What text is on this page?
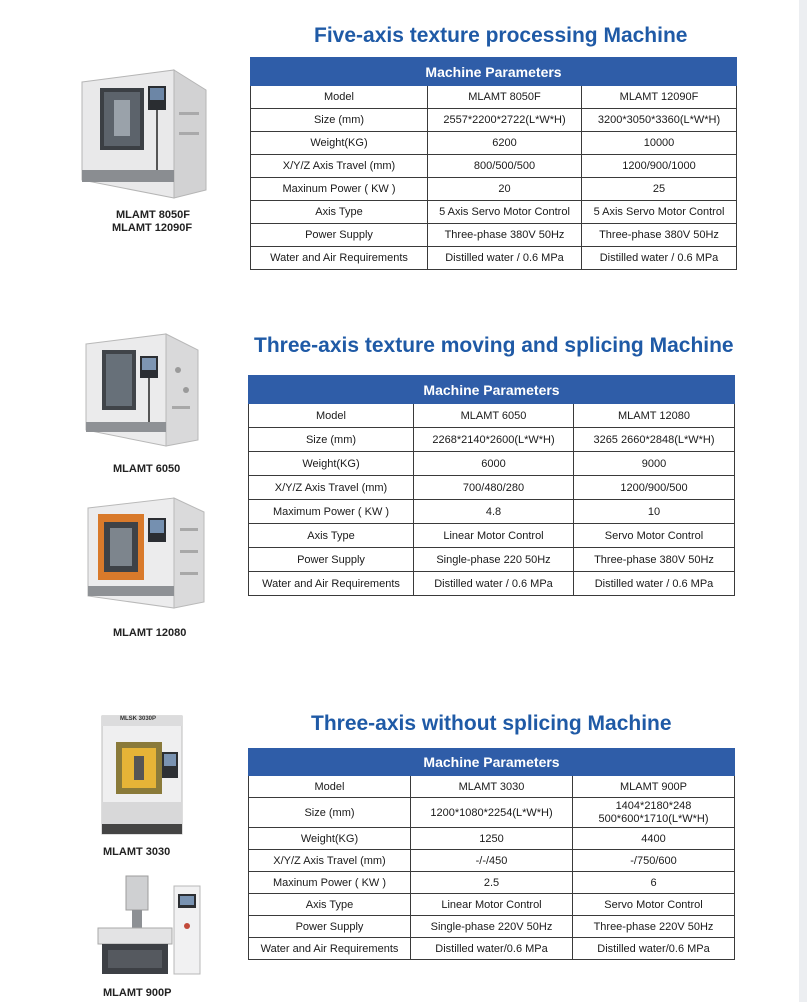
Five-axis texture processing Machine
MLAMT 8050F
MLAMT 12090F
Machine Parameters		
Model	MLAMT 8050F	MLAMT 12090F
Size (mm)	2557*2200*2722(L*W*H)	3200*3050*3360(L*W*H)
Weight(KG)	6200	10000
X/Y/Z Axis Travel (mm)	800/500/500	1200/900/1000
Maxinum Power ( KW )	20	25
Axis Type	5 Axis Servo Motor Control	5 Axis Servo Motor Control
Power Supply	Three-phase 380V 50Hz	Three-phase 380V 50Hz
Water and Air Requirements	Distilled water / 0.6 MPa	Distilled water / 0.6 MPa
Three-axis texture moving and splicing Machine
MLAMT 6050
MLAMT 12080
Machine Parameters		
Model	MLAMT 6050	MLAMT 12080
Size (mm)	2268*2140*2600(L*W*H)	3265 2660*2848(L*W*H)
Weight(KG)	6000	9000
X/Y/Z Axis Travel (mm)	700/480/280	1200/900/500
Maximum Power ( KW )	4.8	10
Axis Type	Linear Motor Control	Servo Motor Control
Power Supply	Single-phase 220 50Hz	Three-phase 380V 50Hz
Water and Air Requirements	Distilled water / 0.6 MPa	Distilled water / 0.6 MPa
Three-axis without splicing Machine
MLSK 3030P
MLAMT 3030
MLAMT 900P
Machine Parameters		
Model	MLAMT 3030	MLAMT 900P
Size (mm)	1200*1080*2254(L*W*H)	1404*2180*248 500*600*1710(L*W*H)
Weight(KG)	1250	4400
X/Y/Z Axis Travel (mm)	-/-/450	-/750/600
Maxinum Power ( KW )	2.5	6
Axis Type	Linear Motor Control	Servo Motor Control
Power Supply	Single-phase 220V 50Hz	Three-phase 220V 50Hz
Water and Air Requirements	Distilled water/0.6 MPa	Distilled water/0.6 MPa
